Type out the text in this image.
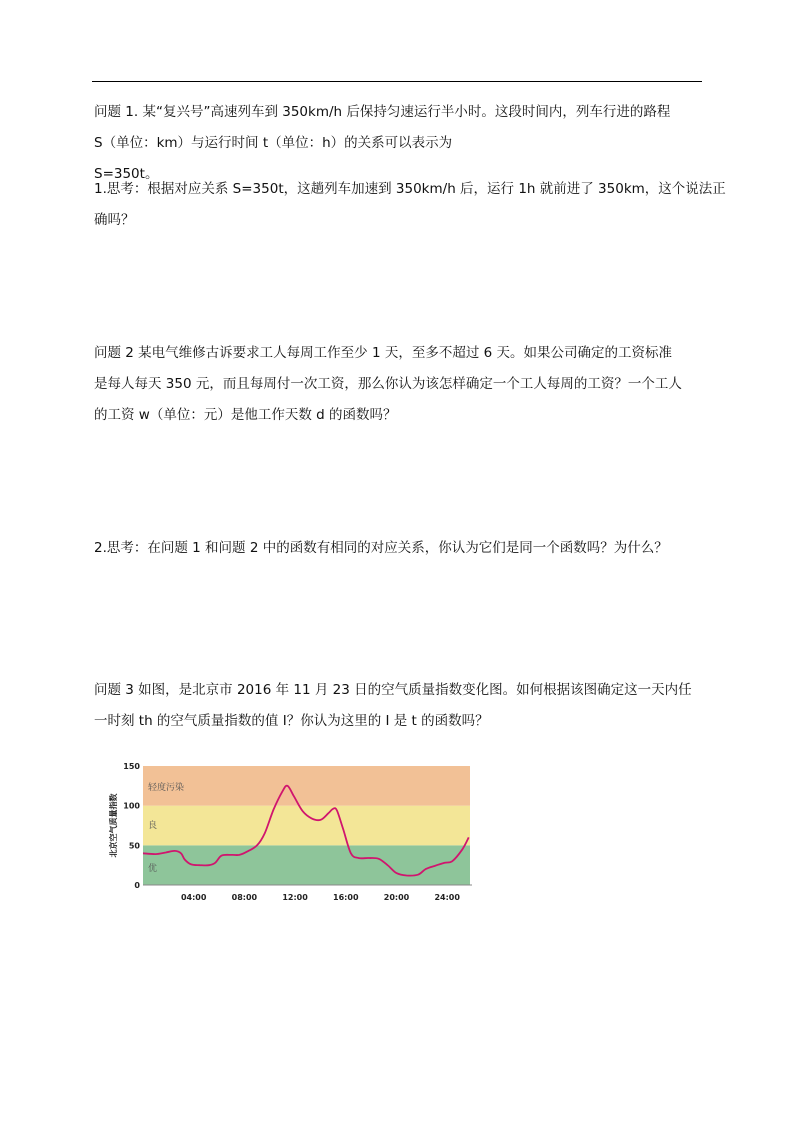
问题 1. 某“复兴号”高速列车到 350km/h 后保持匀速运行半小时。这段时间内，列车行进的路程
S（单位：km）与运行时间 t（单位：h）的关系可以表示为
S=350t。

1.思考：根据对应关系 S=350t，这趟列车加速到 350km/h 后，运行 1h 就前进了 350km，这个说法正
确吗？

问题 2 某电气维修古诉要求工人每周工作至少 1 天，至多不超过 6 天。如果公司确定的工资标准
是每人每天 350 元，而且每周付一次工资，那么你认为该怎样确定一个工人每周的工资？一个工人
的工资 w（单位：元）是他工作天数 d 的函数吗？

2.思考：在问题 1 和问题 2 中的函数有相同的对应关系，你认为它们是同一个函数吗？为什么？

问题 3 如图，是北京市 2016 年 11 月 23 日的空气质量指数变化图。如何根据该图确定这一天内任
一时刻 th 的空气质量指数的值 I？你认为这里的 I 是 t 的函数吗？

优
良
轻度污染
0
50
100
150
04:00	08:00	12:00	16:00	20:00	24:00
北京空气质量指数
